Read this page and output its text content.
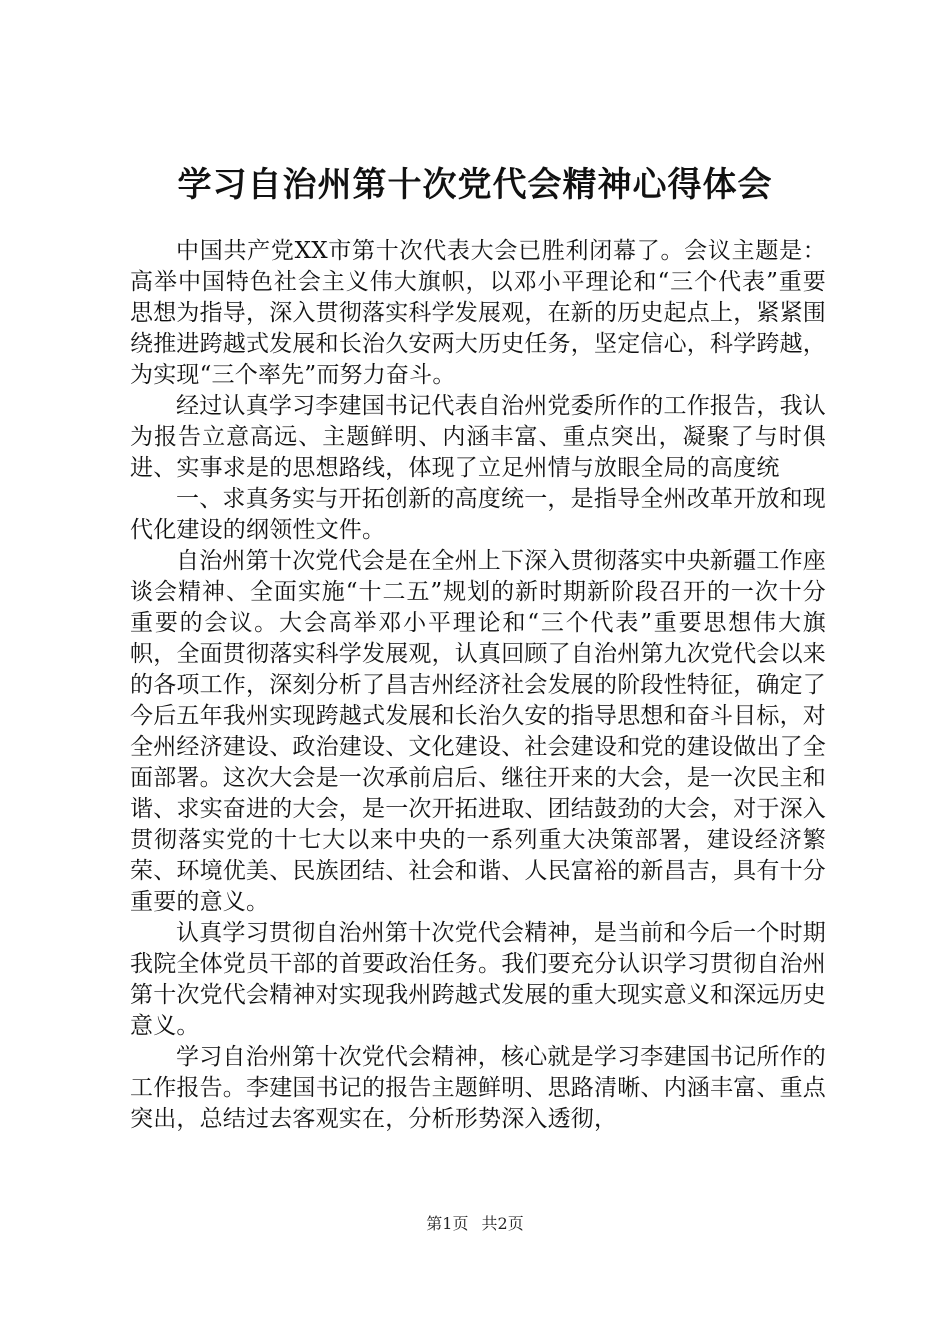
学习自治州第十次党代会精神心得体会

中国共产党XX市第十次代表大会已胜利闭幕了。会议主题是：高举中国特色社会主义伟大旗帜，以邓小平理论和“三个代表”重要思想为指导，深入贯彻落实科学发展观，在新的历史起点上，紧紧围绕推进跨越式发展和长治久安两大历史任务，坚定信心，科学跨越，为实现“三个率先”而努力奋斗。

经过认真学习李建国书记代表自治州党委所作的工作报告，我认为报告立意高远、主题鲜明、内涵丰富、重点突出，凝聚了与时俱进、实事求是的思想路线，体现了立足州情与放眼全局的高度统

一、求真务实与开拓创新的高度统一，是指导全州改革开放和现代化建设的纲领性文件。

自治州第十次党代会是在全州上下深入贯彻落实中央新疆工作座谈会精神、全面实施“十二五”规划的新时期新阶段召开的一次十分重要的会议。大会高举邓小平理论和“三个代表”重要思想伟大旗帜，全面贯彻落实科学发展观，认真回顾了自治州第九次党代会以来的各项工作，深刻分析了昌吉州经济社会发展的阶段性特征，确定了今后五年我州实现跨越式发展和长治久安的指导思想和奋斗目标，对全州经济建设、政治建设、文化建设、社会建设和党的建设做出了全面部署。这次大会是一次承前启后、继往开来的大会，是一次民主和谐、求实奋进的大会，是一次开拓进取、团结鼓劲的大会，对于深入贯彻落实党的十七大以来中央的一系列重大决策部署，建设经济繁荣、环境优美、民族团结、社会和谐、人民富裕的新昌吉，具有十分重要的意义。

认真学习贯彻自治州第十次党代会精神，是当前和今后一个时期我院全体党员干部的首要政治任务。我们要充分认识学习贯彻自治州第十次党代会精神对实现我州跨越式发展的重大现实意义和深远历史意义。

学习自治州第十次党代会精神，核心就是学习李建国书记所作的工作报告。李建国书记的报告主题鲜明、思路清晰、内涵丰富、重点突出，总结过去客观实在，分析形势深入透彻，

第1页 共2页
